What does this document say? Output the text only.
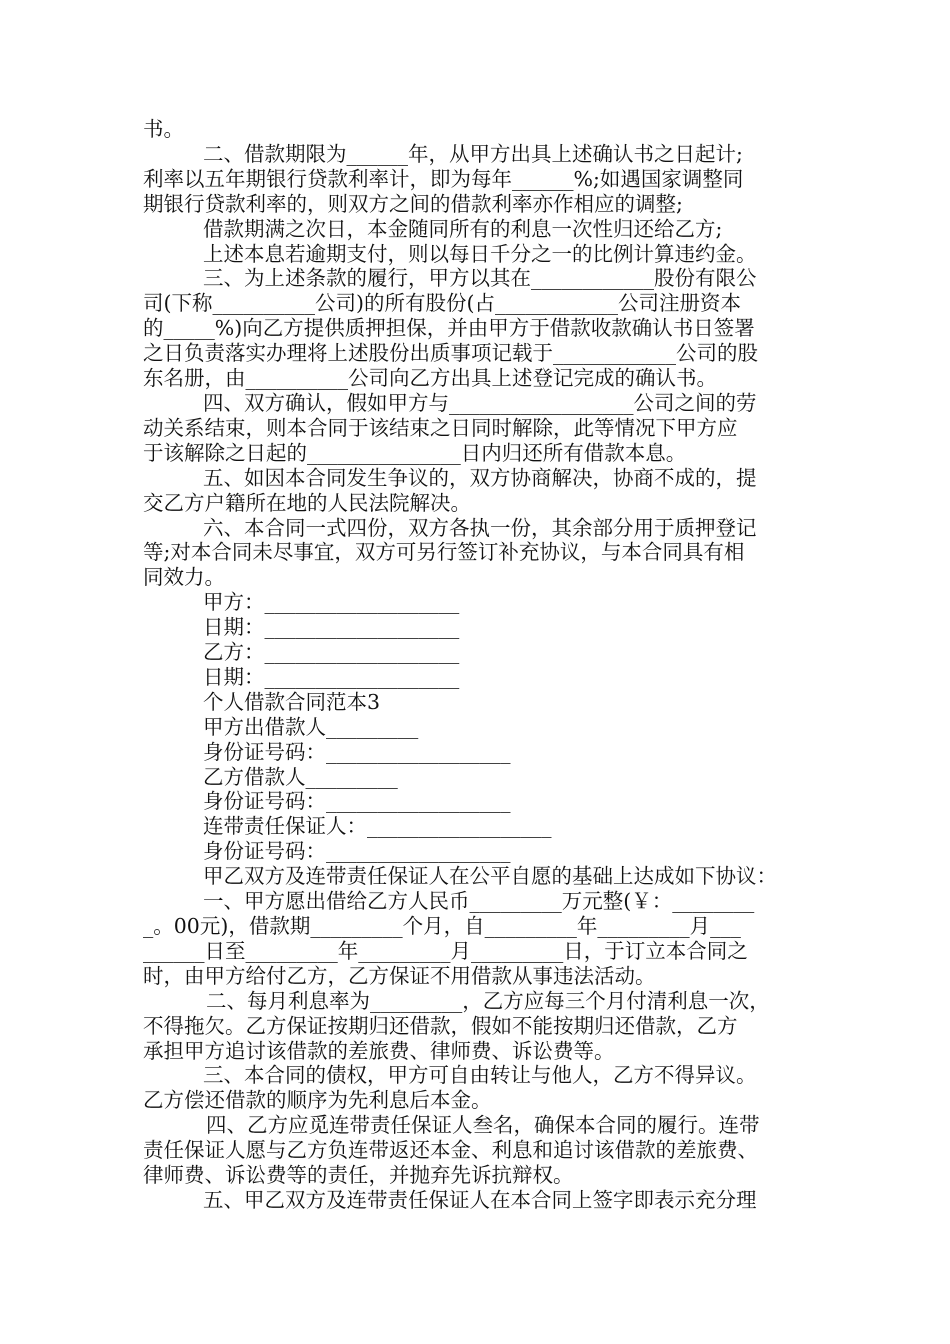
书。

二、借款期限为______年，从甲方出具上述确认书之日起计;

利率以五年期银行贷款利率计，即为每年______%;如遇国家调整同

期银行贷款利率的，则双方之间的借款利率亦作相应的调整;

借款期满之次日，本金随同所有的利息一次性归还给乙方;

上述本息若逾期支付，则以每日千分之一的比例计算违约金。

三、为上述条款的履行，甲方以其在____________股份有限公

司(下称__________公司)的所有股份(占____________公司注册资本

的_____%)向乙方提供质押担保，并由甲方于借款收款确认书日签署

之日负责落实办理将上述股份出质事项记载于____________公司的股

东名册，由__________公司向乙方出具上述登记完成的确认书。

四、双方确认，假如甲方与__________________公司之间的劳

动关系结束，则本合同于该结束之日同时解除，此等情况下甲方应

于该解除之日起的_______________日内归还所有借款本息。

五、如因本合同发生争议的，双方协商解决，协商不成的，提

交乙方户籍所在地的人民法院解决。

六、本合同一式四份，双方各执一份，其余部分用于质押登记

等;对本合同未尽事宜，双方可另行签订补充协议，与本合同具有相

同效力。

甲方：___________________

日期：___________________

乙方：___________________

日期：___________________

个人借款合同范本3

甲方出借款人_________

身份证号码：__________________

乙方借款人_________

身份证号码：__________________

连带责任保证人：__________________

身份证号码：__________________

甲乙双方及连带责任保证人在公平自愿的基础上达成如下协议：

一、甲方愿出借给乙方人民币_________万元整(￥：________

_。00元)，借款期_________个月，自_________年_________月___

______日至_________年_________月_________日，于订立本合同之

时，由甲方给付乙方，乙方保证不用借款从事违法活动。

二、每月利息率为_________，乙方应每三个月付清利息一次，

不得拖欠。乙方保证按期归还借款，假如不能按期归还借款，乙方

承担甲方追讨该借款的差旅费、律师费、诉讼费等。

三、本合同的债权，甲方可自由转让与他人，乙方不得异议。

乙方偿还借款的顺序为先利息后本金。

四、乙方应觅连带责任保证人叁名，确保本合同的履行。连带

责任保证人愿与乙方负连带返还本金、利息和追讨该借款的差旅费、

律师费、诉讼费等的责任，并抛弃先诉抗辩权。

五、甲乙双方及连带责任保证人在本合同上签字即表示充分理
